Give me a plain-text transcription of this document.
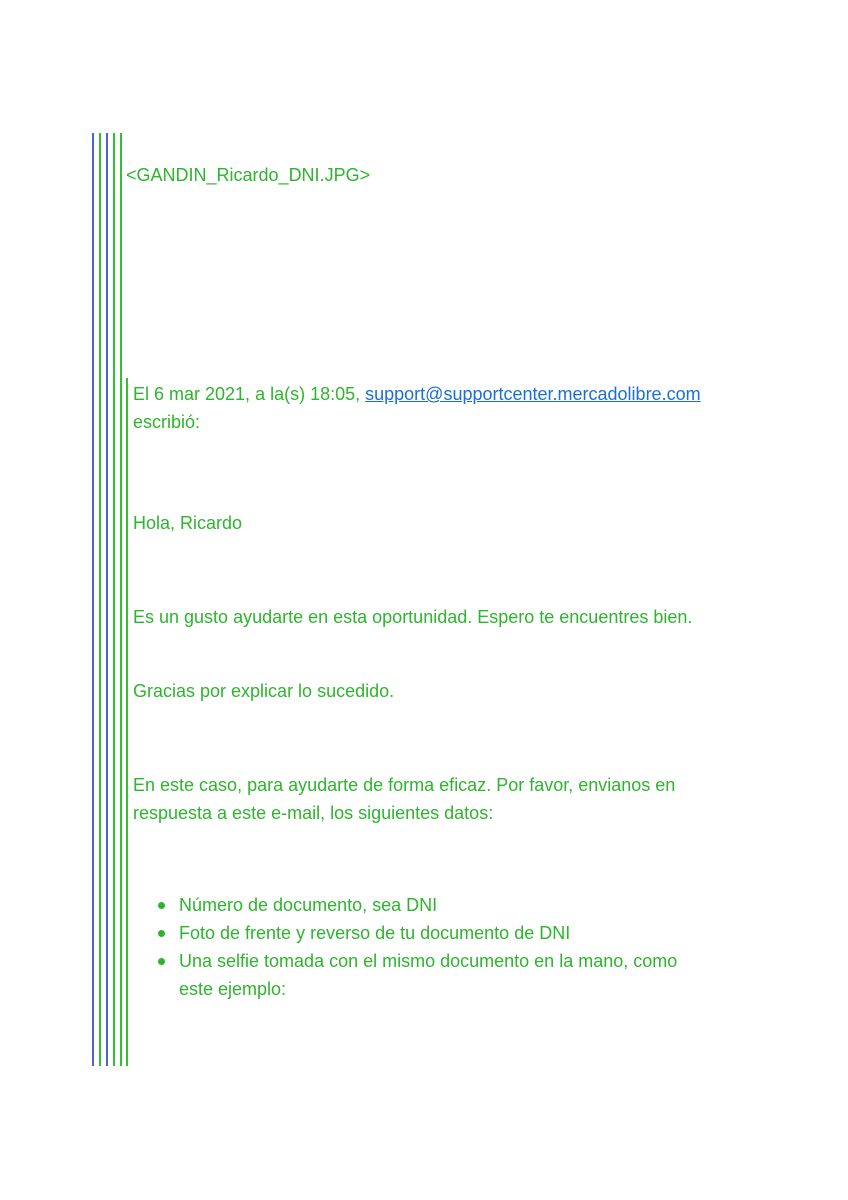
<GANDIN_Ricardo_DNI.JPG>
El 6 mar 2021, a la(s) 18:05, support@supportcenter.mercadolibre.com
escribió:
Hola, Ricardo
Es un gusto ayudarte en esta oportunidad. Espero te encuentres bien.
Gracias por explicar lo sucedido.
En este caso, para ayudarte de forma eficaz. Por favor, envianos en
respuesta a este e-mail, los siguientes datos:
Número de documento, sea DNI
Foto de frente y reverso de tu documento de DNI
Una selfie tomada con el mismo documento en la mano, como
este ejemplo:
